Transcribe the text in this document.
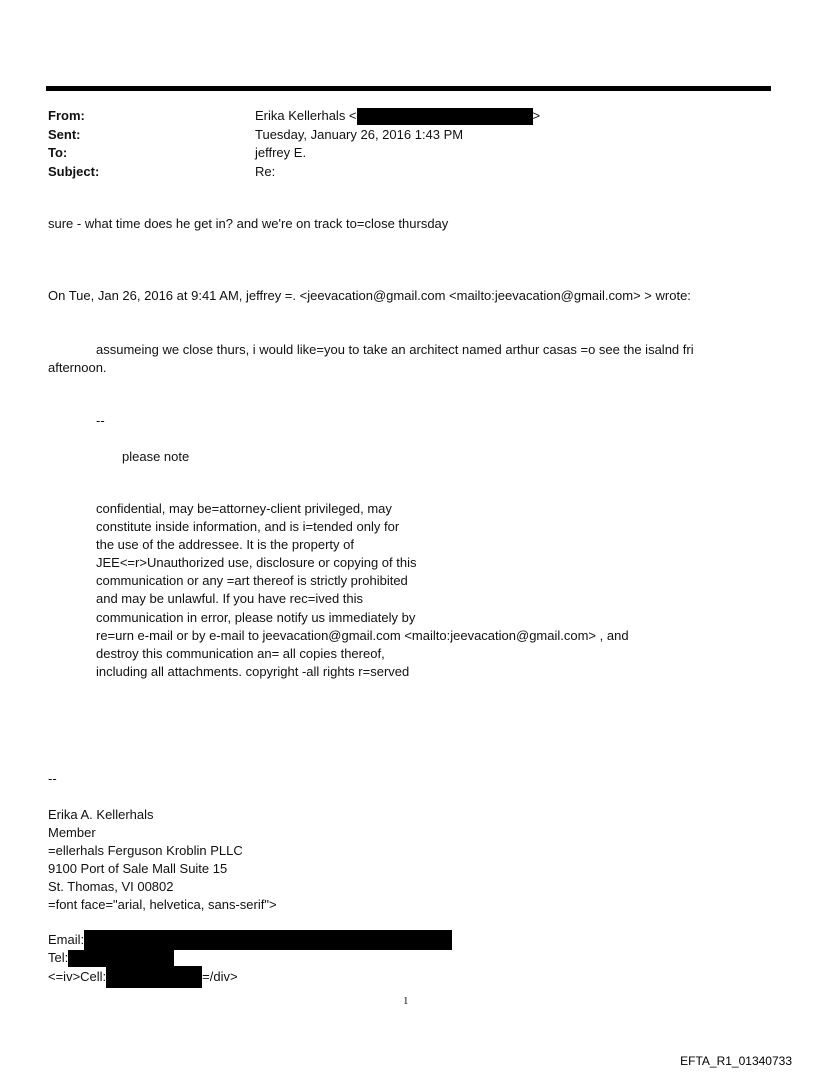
From:	Erika Kellerhals <	>
Sent:	Tuesday, January 26, 2016 1:43 PM
To:	jeffrey E.
Subject:	Re:
sure - what time does he get in? and we're on track to=close thursday
On Tue, Jan 26, 2016 at 9:41 AM, jeffrey =. <jeevacation@gmail.com <mailto:jeevacation@gmail.com> > wrote:
assumeing we close thurs, i would like=you to take an architect named arthur casas =o see the isalnd fri
afternoon.
--
please note
confidential, may be=attorney-client privileged, may
constitute inside information, and is i=tended only for
the use of the addressee. It is the property of
JEE<=r>Unauthorized use, disclosure or copying of this
communication or any =art thereof is strictly prohibited
and may be unlawful. If you have rec=ived this
communication in error, please notify us immediately by
re=urn e-mail or by e-mail to jeevacation@gmail.com <mailto:jeevacation@gmail.com> , and
destroy this communication an= all copies thereof,
including all attachments. copyright -all rights r=served
--
Erika A. Kellerhals
Member
=ellerhals Ferguson Kroblin PLLC
9100 Port of Sale Mall Suite 15
St. Thomas, VI 00802
=font face="arial, helvetica, sans-serif">
Email:
Tel:
<=iv>Cell:	=/div>
1
EFTA_R1_01340733
